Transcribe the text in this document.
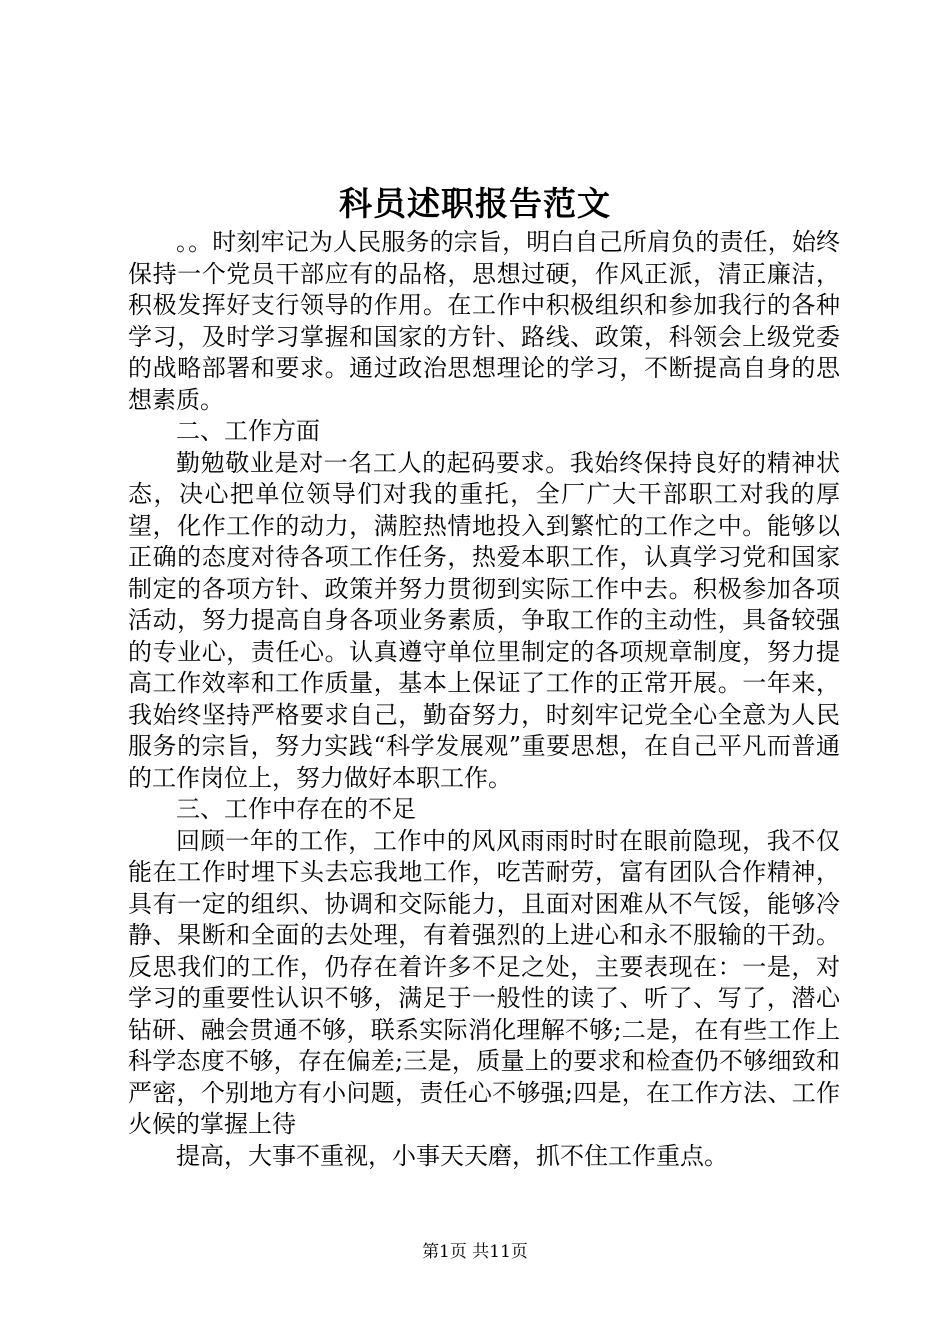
科员述职报告范文

。。时刻牢记为人民服务的宗旨，明白自己所肩负的责任，始终保持一个党员干部应有的品格，思想过硬，作风正派，清正廉洁，积极发挥好支行领导的作用。在工作中积极组织和参加我行的各种学习，及时学习掌握和国家的方针、路线、政策，科领会上级党委的战略部署和要求。通过政治思想理论的学习，不断提高自身的思想素质。

二、工作方面

勤勉敬业是对一名工人的起码要求。我始终保持良好的精神状态，决心把单位领导们对我的重托，全厂广大干部职工对我的厚望，化作工作的动力，满腔热情地投入到繁忙的工作之中。能够以正确的态度对待各项工作任务，热爱本职工作，认真学习党和国家制定的各项方针、政策并努力贯彻到实际工作中去。积极参加各项活动，努力提高自身各项业务素质，争取工作的主动性，具备较强的专业心，责任心。认真遵守单位里制定的各项规章制度，努力提高工作效率和工作质量，基本上保证了工作的正常开展。一年来，我始终坚持严格要求自己，勤奋努力，时刻牢记党全心全意为人民服务的宗旨，努力实践“科学发展观”重要思想，在自己平凡而普通的工作岗位上，努力做好本职工作。

三、工作中存在的不足

回顾一年的工作，工作中的风风雨雨时时在眼前隐现，我不仅能在工作时埋下头去忘我地工作，吃苦耐劳，富有团队合作精神，具有一定的组织、协调和交际能力，且面对困难从不气馁，能够冷静、果断和全面的去处理，有着强烈的上进心和永不服输的干劲。反思我们的工作，仍存在着许多不足之处，主要表现在：一是，对学习的重要性认识不够，满足于一般性的读了、听了、写了，潜心钻研、融会贯通不够，联系实际消化理解不够;二是，在有些工作上科学态度不够，存在偏差;三是，质量上的要求和检查仍不够细致和严密，个别地方有小问题，责任心不够强;四是，在工作方法、工作火候的掌握上待

提高，大事不重视，小事天天磨，抓不住工作重点。

第1页 共11页
